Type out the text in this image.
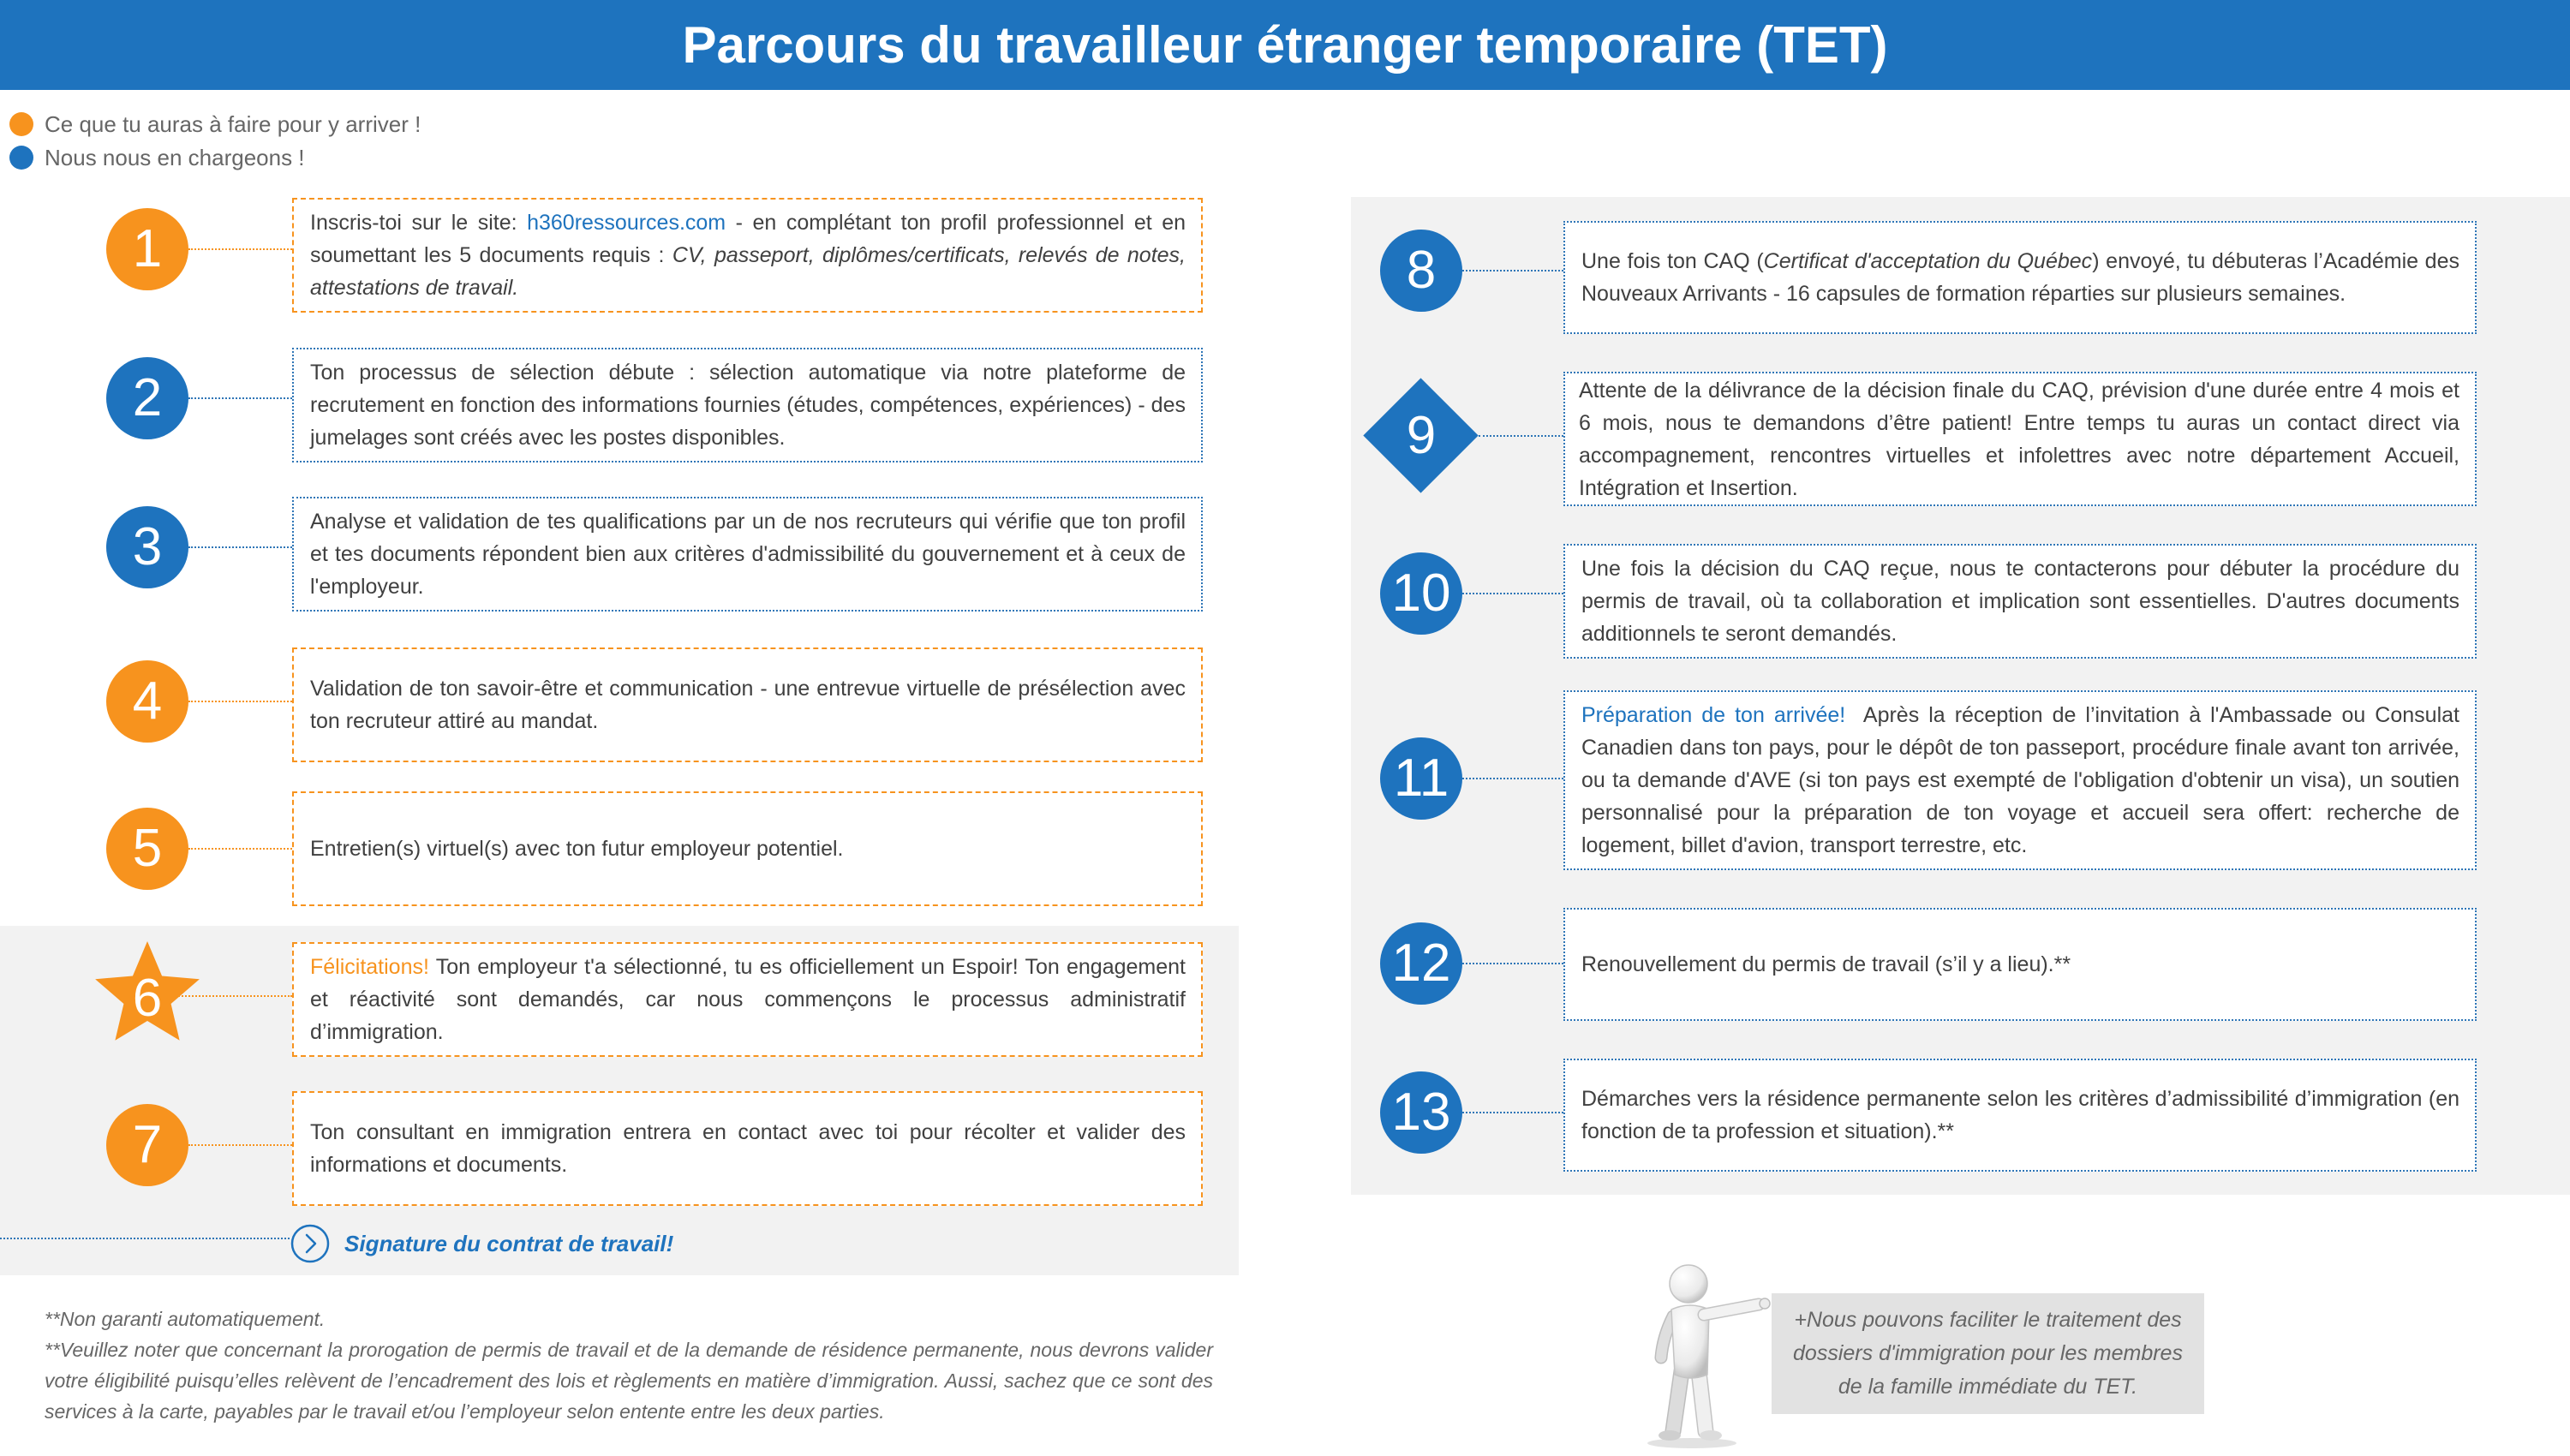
Parcours du travailleur étranger temporaire (TET)
Ce que tu auras à faire pour y arriver !
Nous nous en chargeons !
1	Inscris-toi sur le site: h360ressources.com - en complétant ton profil professionnel et en soumettant les 5 documents requis : CV, passeport, diplômes/certificats, relevés de notes, attestations de travail.

2	Ton processus de sélection débute : sélection automatique via notre plateforme de recrutement en fonction des informations fournies (études, compétences, expériences) - des jumelages sont créés avec les postes disponibles.

3	Analyse et validation de tes qualifications par un de nos recruteurs qui vérifie que ton profil et tes documents répondent bien aux critères d'admissibilité du gouvernement et à ceux de l'employeur.

4	Validation de ton savoir-être et communication - une entrevue virtuelle de présélection avec ton recruteur attiré au mandat.

5	Entretien(s) virtuel(s) avec ton futur employeur potentiel.

6

Félicitations! Ton employeur t'a sélectionné, tu es officiellement un Espoir! Ton engagement et réactivité sont demandés, car nous commençons le processus administratif d’immigration.

7	Ton consultant en immigration entrera en contact avec toi pour récolter et valider des informations et documents.

Signature du contrat de travail!
8	Une fois ton CAQ (Certificat d'acceptation du Québec) envoyé, tu débuteras l’Académie des Nouveaux Arrivants - 16 capsules de formation réparties sur plusieurs semaines.

9

Attente de la délivrance de la décision finale du CAQ, prévision d'une durée entre 4 mois et 6 mois, nous te demandons d’être patient! Entre temps tu auras un contact direct via accompagnement, rencontres virtuelles et infolettres avec notre département Accueil, Intégration et Insertion.

10	Une fois la décision du CAQ reçue, nous te contacterons pour débuter la procédure du permis de travail, où ta collaboration et implication sont essentielles. D'autres documents additionnels te seront demandés.

11

Préparation de ton arrivée!  Après la réception de l’invitation à l'Ambassade ou Consulat Canadien dans ton pays, pour le dépôt de ton passeport, procédure finale avant ton arrivée, ou ta demande d'AVE (si ton pays est exempté de l'obligation d'obtenir un visa), un soutien personnalisé pour la préparation de ton voyage et accueil sera offert: recherche de logement, billet d'avion, transport terrestre, etc.

12	Renouvellement du permis de travail (s’il y a lieu).**

13	Démarches vers la résidence permanente selon les critères d’admissibilité d’immigration (en fonction de ta profession et situation).**

**Non garanti automatiquement.

**Veuillez noter que concernant la prorogation de permis de travail et de la demande de résidence permanente, nous devrons valider votre éligibilité puisqu’elles relèvent de l’encadrement des lois et règlements en matière d’immigration. Aussi, sachez que ce sont des services à la carte, payables par le travail et/ou l’employeur selon entente entre les deux parties.

+Nous pouvons faciliter le traitement des dossiers d'immigration pour les membres de la famille immédiate du TET.
